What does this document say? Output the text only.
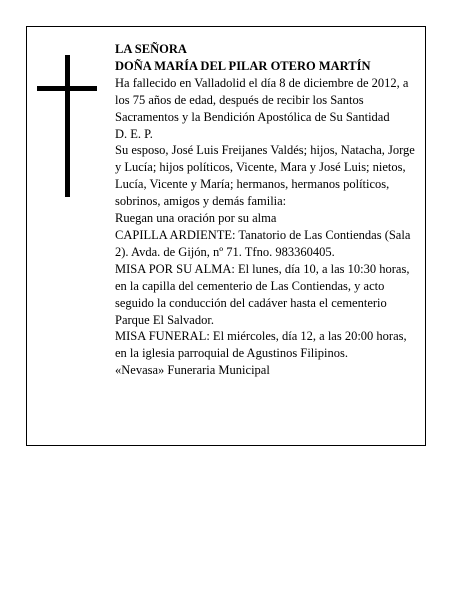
LA SEÑORA

DOÑA MARÍA DEL PILAR OTERO MARTÍN

Ha fallecido en Valladolid el día 8 de diciembre de 2012, a los 75 años de edad, después de recibir los Santos Sacramentos y la Bendición Apostólica de Su Santidad

D. E. P.

Su esposo, José Luis Freijanes Valdés; hijos, Natacha, Jorge y Lucía; hijos políticos, Vicente, Mara y José Luis; nietos, Lucía, Vicente y María; hermanos, hermanos políticos, sobrinos, amigos y demás familia:

Ruegan una oración por su alma

CAPILLA ARDIENTE: Tanatorio de Las Contiendas (Sala 2). Avda. de Gijón, nº 71. Tfno. 983360405.

MISA POR SU ALMA: El lunes, día 10, a las 10:30 horas, en la capilla del cementerio de Las Contiendas, y acto seguido la conducción del cadáver hasta el cementerio Parque El Salvador.

MISA FUNERAL: El miércoles, día 12, a las 20:00 horas, en la iglesia parroquial de Agustinos Filipinos.

«Nevasa» Funeraria Municipal
